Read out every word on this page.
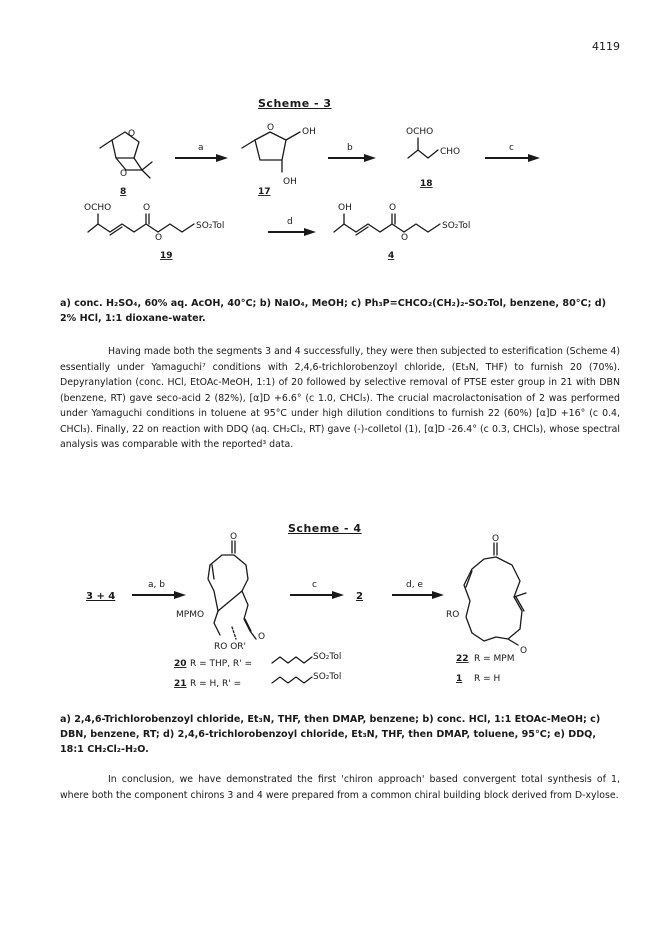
4119
Scheme - 3
O
O
8
a
O	OH
OH
17
b
OCHO
CHO
18
c
OCHO	O
O
SO₂Tol
19
d
OH	O
O
SO₂Tol
4
a) conc. H₂SO₄, 60% aq. AcOH, 40°C; b) NaIO₄, MeOH; c) Ph₃P=CHCO₂(CH₂)₂-SO₂Tol, benzene, 80°C; d) 2% HCl, 1:1 dioxane-water.

Having made both the segments 3 and 4 successfully, they were then subjected to esterification (Scheme 4) essentially under Yamaguchi⁷ conditions with 2,4,6-trichlorobenzoyl chloride, (Et₃N, THF) to furnish 20 (70%). Depyranylation (conc. HCl, EtOAc-MeOH, 1:1) of 20 followed by selective removal of PTSE ester group in 21 with DBN (benzene, RT) gave seco-acid 2 (82%), [α]D +6.6° (c 1.0, CHCl₃). The crucial macrolactonisation of 2 was performed under Yamaguchi conditions in toluene at 95°C under high dilution conditions to furnish 22 (60%) [α]D +16° (c 0.4, CHCl₃). Finally, 22 on reaction with DDQ (aq. CH₂Cl₂, RT) gave (-)-colletol (1), [α]D -26.4° (c 0.3, CHCl₃), whose spectral analysis was comparable with the reported³ data.

Scheme - 4
3 + 4
a, b
O
MPMO
O
RO OR'
20 R = THP, R' =
SO₂Tol
21 R = H, R' =
SO₂Tol
c
2
d, e
O
RO
O
22 R = MPM
1 R = H
a) 2,4,6-Trichlorobenzoyl chloride, Et₃N, THF, then DMAP, benzene; b) conc. HCl, 1:1 EtOAc-MeOH; c) DBN, benzene, RT; d) 2,4,6-trichlorobenzoyl chloride, Et₃N, THF, then DMAP, toluene, 95°C; e) DDQ, 18:1 CH₂Cl₂-H₂O.

In conclusion, we have demonstrated the first 'chiron approach' based convergent total synthesis of 1, where both the component chirons 3 and 4 were prepared from a common chiral building block derived from D-xylose.
